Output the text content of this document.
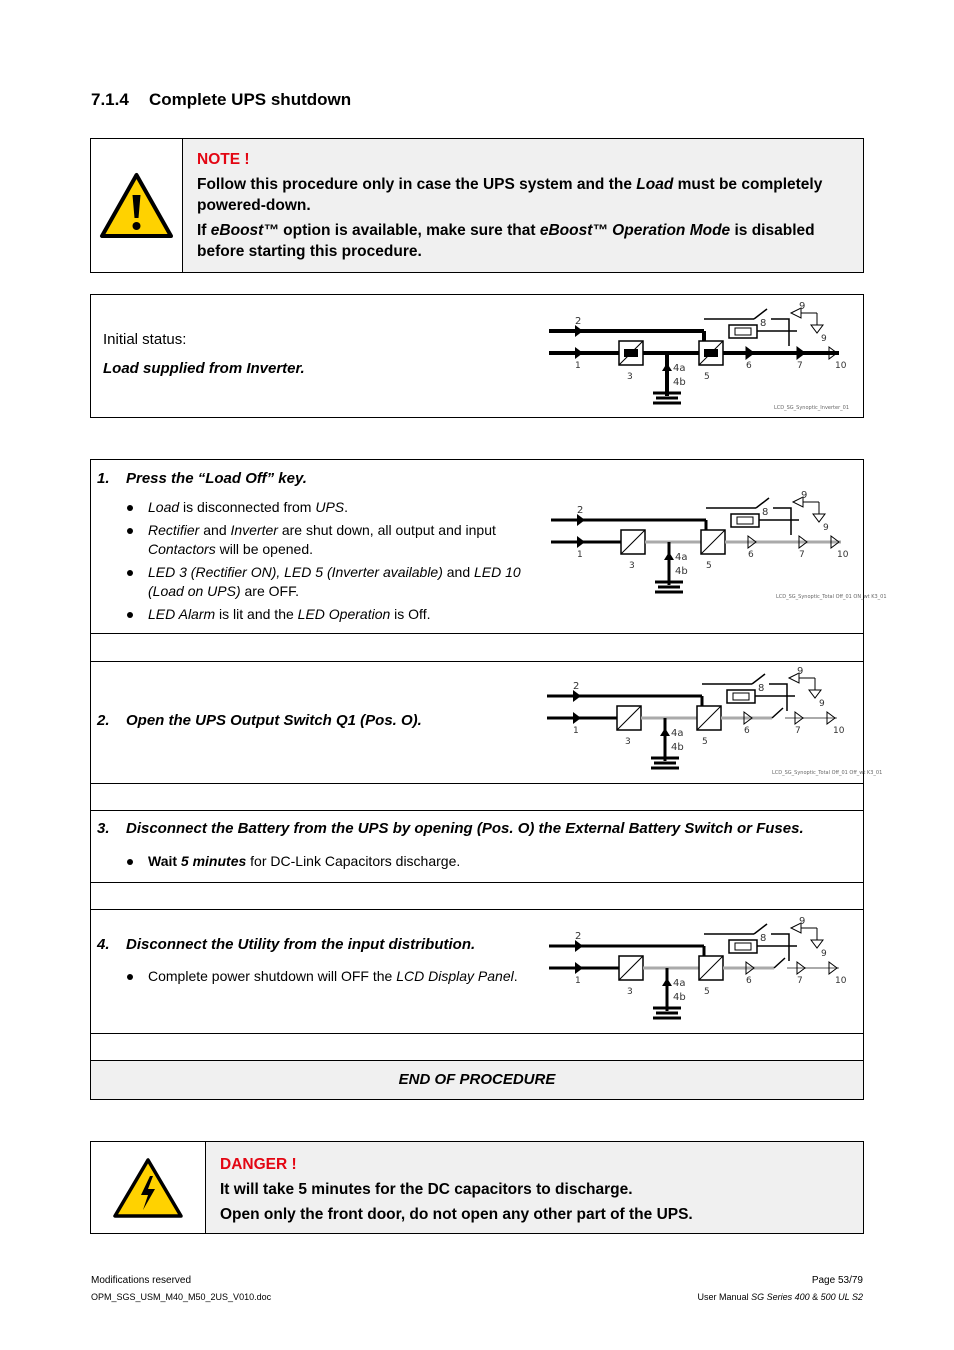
7.1.4 Complete UPS shutdown

NOTE !

Follow this procedure only in case the UPS system and the Load must be completely powered-down.

If eBoost™ option is available, make sure that eBoost™ Operation Mode is disabled before starting this procedure.

Initial status:
Load supplied from Inverter.
2
1
3
4a
4b 5
6
8
7
9
9
10
LCD_SG_Synoptic_Inverter_01
1. Press the “Load Off” key.
Load is disconnected from UPS.
Rectifier and Inverter are shut down, all output and input Contactors will be opened.
LED 3 (Rectifier ON), LED 5 (Inverter available) and LED 10 (Load on UPS) are OFF.
LED Alarm is lit and the LED Operation is Off.
2
1
3
4a
4b 5
6
8
7
9
9
10
LCD_SG_Synoptic_Total Off_01 ON_wt K3_01
2. Open the UPS Output Switch Q1 (Pos. O).
2
1
3
4a
4b 5
6
8
7
9
9
10
LCD_SG_Synoptic_Total Off_01 Off_wt K3_01
3. Disconnect the Battery from the UPS by opening (Pos. O) the External Battery Switch or Fuses.
Wait 5 minutes for DC-Link Capacitors discharge.
4. Disconnect the Utility from the input distribution.
Complete power shutdown will OFF the LCD Display Panel.
2
1
3
4a
4b 5
6
8
7
9
9
10
END OF PROCEDURE

DANGER !

It will take 5 minutes for the DC capacitors to discharge.

Open only the front door, do not open any other part of the UPS.

Modifications reserved
OPM_SGS_USM_M40_M50_2US_V010.doc
Page 53/79
User Manual SG Series 400 & 500 UL S2
